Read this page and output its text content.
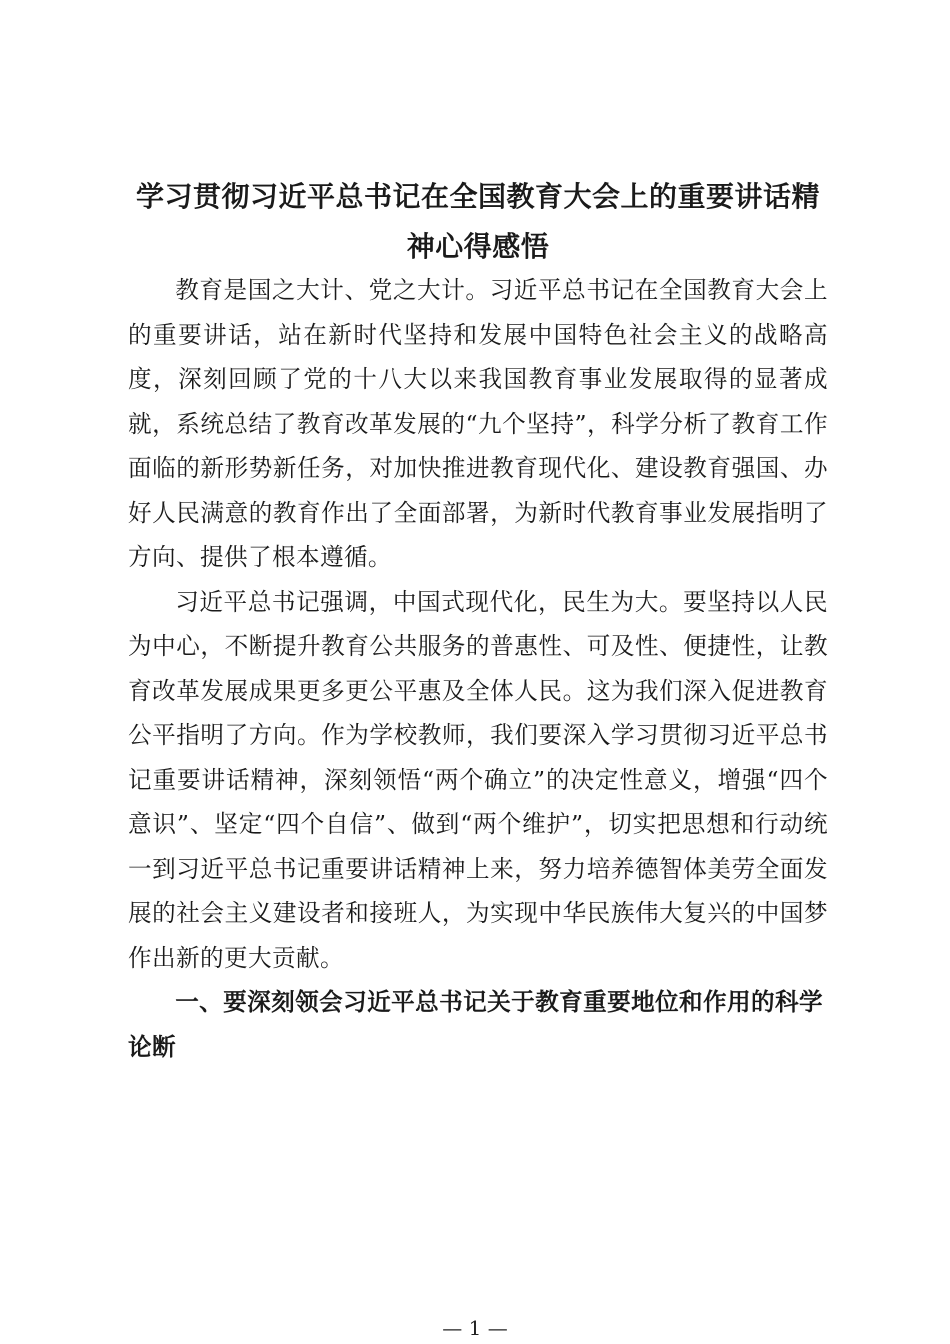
学习贯彻习近平总书记在全国教育大会上的重要讲话精神心得感悟

教育是国之大计、党之大计。习近平总书记在全国教育大会上的重要讲话，站在新时代坚持和发展中国特色社会主义的战略高度，深刻回顾了党的十八大以来我国教育事业发展取得的显著成就，系统总结了教育改革发展的“九个坚持”，科学分析了教育工作面临的新形势新任务，对加快推进教育现代化、建设教育强国、办好人民满意的教育作出了全面部署，为新时代教育事业发展指明了方向、提供了根本遵循。

习近平总书记强调，中国式现代化，民生为大。要坚持以人民为中心，不断提升教育公共服务的普惠性、可及性、便捷性，让教育改革发展成果更多更公平惠及全体人民。这为我们深入促进教育公平指明了方向。作为学校教师，我们要深入学习贯彻习近平总书记重要讲话精神，深刻领悟“两个确立”的决定性意义，增强“四个意识”、坚定“四个自信”、做到“两个维护”，切实把思想和行动统一到习近平总书记重要讲话精神上来，努力培养德智体美劳全面发展的社会主义建设者和接班人，为实现中华民族伟大复兴的中国梦作出新的更大贡献。

一、要深刻领会习近平总书记关于教育重要地位和作用的科学论断

— 1 —
